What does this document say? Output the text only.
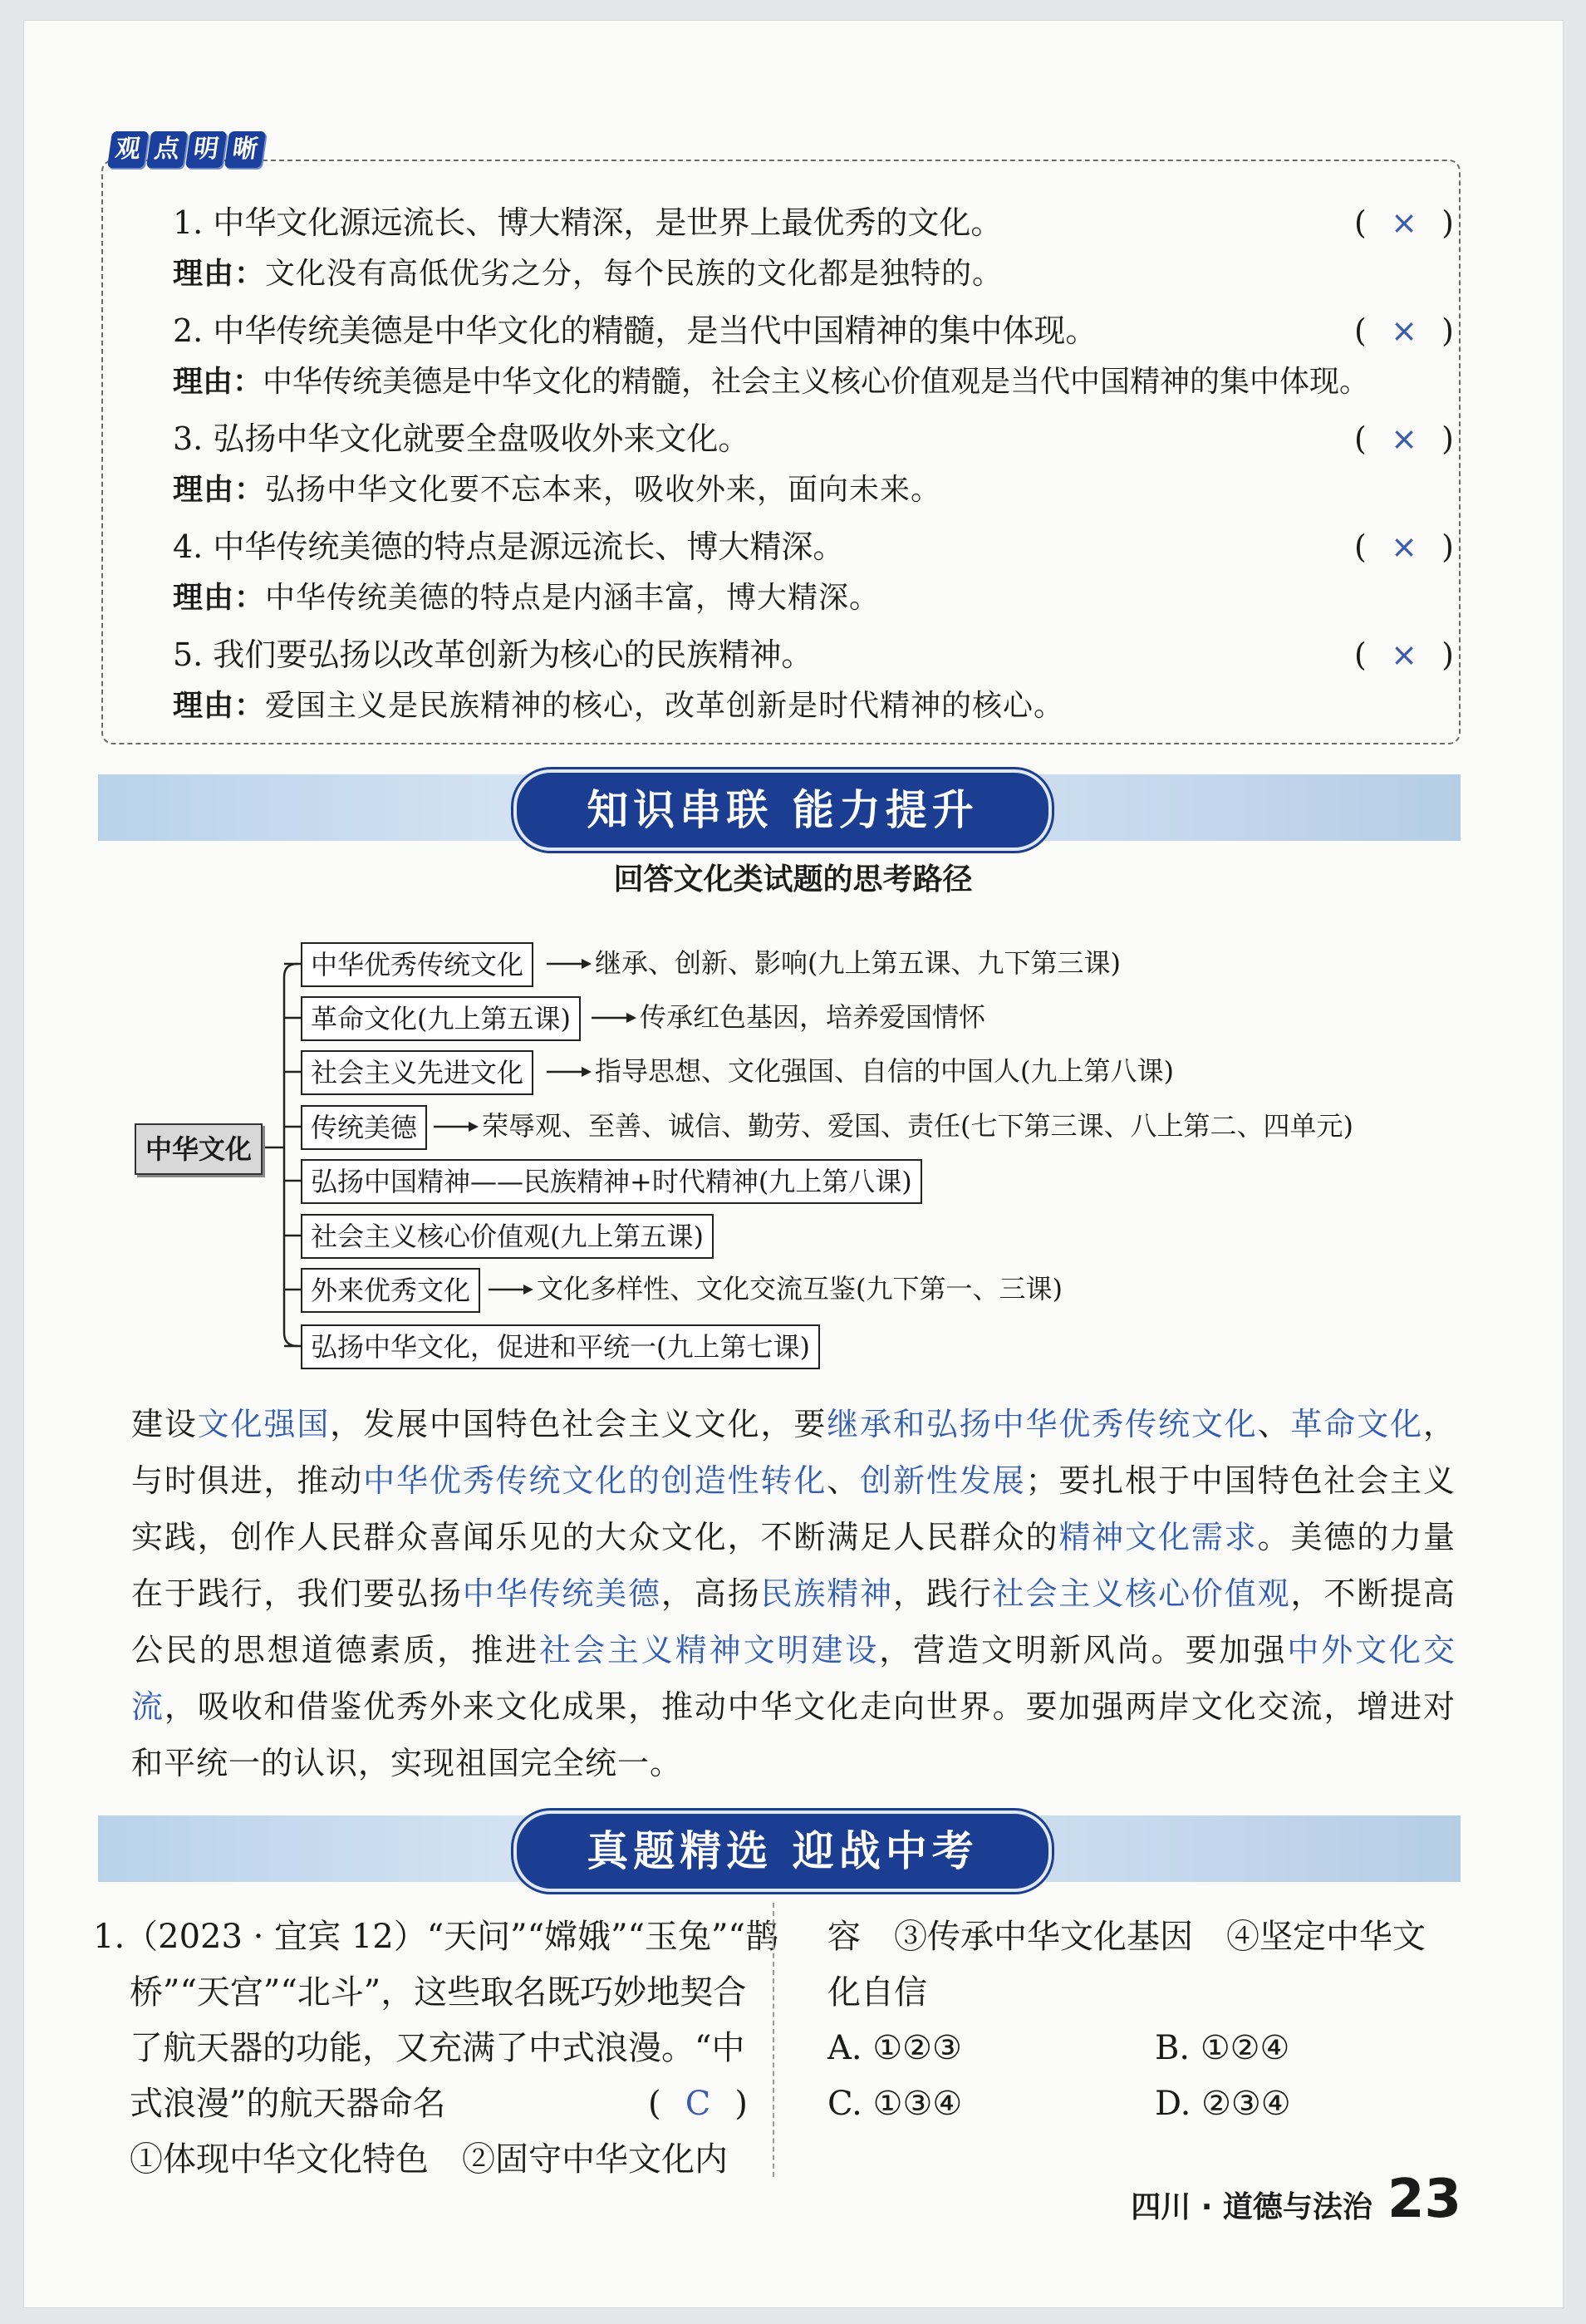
观 点 明 晰
1. 中华文化源远流长、博大精深，是世界上最优秀的文化。	( × )
理由：文化没有高低优劣之分，每个民族的文化都是独特的。
2. 中华传统美德是中华文化的精髓，是当代中国精神的集中体现。	( × )
理由：中华传统美德是中华文化的精髓，社会主义核心价值观是当代中国精神的集中体现。
3. 弘扬中华文化就要全盘吸收外来文化。	( × )
理由：弘扬中华文化要不忘本来，吸收外来，面向未来。
4. 中华传统美德的特点是源远流长、博大精深。	( × )
理由：中华传统美德的特点是内涵丰富，博大精深。
5. 我们要弘扬以改革创新为核心的民族精神。	( × )
理由：爱国主义是民族精神的核心，改革创新是时代精神的核心。
知识串联 能力提升
回答文化类试题的思考路径
中华文化
中华优秀传统文化	继承、创新、影响(九上第五课、九下第三课)
革命文化(九上第五课)	传承红色基因，培养爱国情怀
社会主义先进文化	指导思想、文化强国、自信的中国人(九上第八课)
传统美德	荣辱观、至善、诚信、勤劳、爱国、责任(七下第三课、八上第二、四单元)
弘扬中国精神——民族精神+时代精神(九上第八课)
社会主义核心价值观(九上第五课)
外来优秀文化	文化多样性、文化交流互鉴(九下第一、三课)
弘扬中华文化，促进和平统一(九上第七课)
建设文化强国，发展中国特色社会主义文化，要继承和弘扬中华优秀传统文化、革命文化，与时俱进，推动中华优秀传统文化的创造性转化、创新性发展；要扎根于中国特色社会主义实践，创作人民群众喜闻乐见的大众文化，不断满足人民群众的精神文化需求。美德的力量在于践行，我们要弘扬中华传统美德，高扬民族精神，践行社会主义核心价值观，不断提高公民的思想道德素质，推进社会主义精神文明建设，营造文明新风尚。要加强中外文化交流，吸收和借鉴优秀外来文化成果，推动中华文化走向世界。要加强两岸文化交流，增进对和平统一的认识，实现祖国完全统一。
真题精选 迎战中考
1.（2023 · 宜宾 12）“天问”“嫦娥”“玉兔”“鹊
桥”“天宫”“北斗”，这些取名既巧妙地契合
了航天器的功能，又充满了中式浪漫。“中
式浪漫”的航天器命名	( C )
①体现中华文化特色　②固守中华文化内
容　③传承中华文化基因　④坚定中华文
化自信
A. ①②③	B. ①②④
C. ①③④	D. ②③④
四川 · 道德与法治 23
